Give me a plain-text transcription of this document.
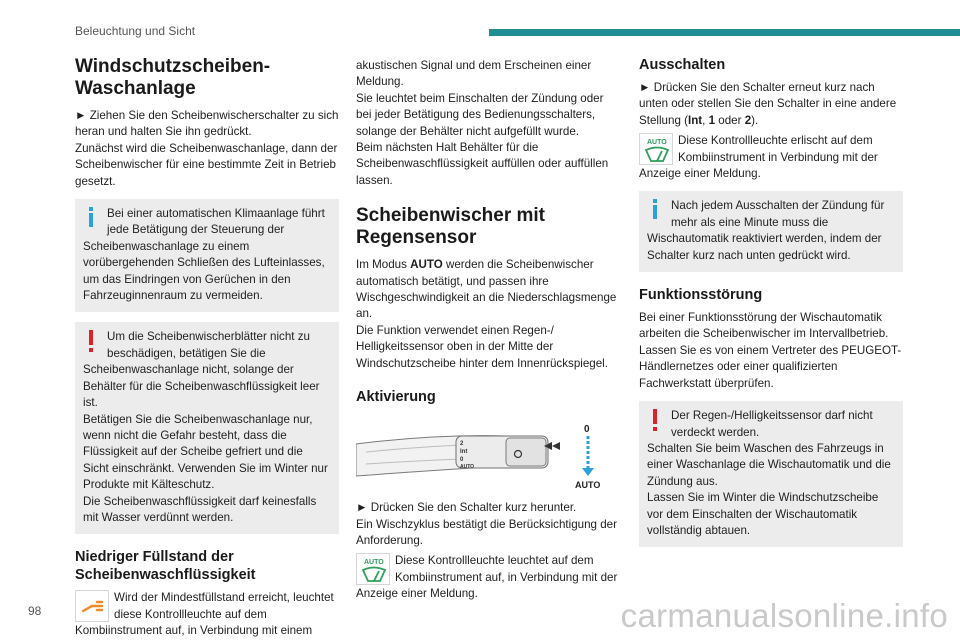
Beleuchtung und Sicht
Windschutzscheiben-
Waschanlage

► Ziehen Sie den Scheibenwischerschalter zu sich heran und halten Sie ihn gedrückt.
Zunächst wird die Scheibenwaschanlage, dann der Scheibenwischer für eine bestimmte Zeit in Betrieb gesetzt.

Bei einer automatischen Klimaanlage führt jede Betätigung der Steuerung der

Scheibenwaschanlage zu einem vorübergehenden Schließen des Lufteinlasses, um das Eindringen von Gerüchen in den Fahrzeuginnenraum zu vermeiden.

Um die Scheibenwischerblätter nicht zu beschädigen, betätigen Sie die

Scheibenwaschanlage nicht, solange der Behälter für die Scheibenwaschflüssigkeit leer ist.
Betätigen Sie die Scheibenwaschanlage nur, wenn nicht die Gefahr besteht, dass die Flüssigkeit auf der Scheibe gefriert und die Sicht einschränkt. Verwenden Sie im Winter nur Produkte mit Kälteschutz.
Die Scheibenwaschflüssigkeit darf keinesfalls mit Wasser verdünnt werden.

Niedriger Füllstand der Scheibenwaschflüssigkeit
Wird der Mindestfüllstand erreicht, leuchtet diese Kontrollleuchte auf dem

Kombiinstrument auf, in Verbindung mit einem

akustischen Signal und dem Erscheinen einer Meldung.
Sie leuchtet beim Einschalten der Zündung oder bei jeder Betätigung des Bedienungsschalters, solange der Behälter nicht aufgefüllt wurde.
Beim nächsten Halt Behälter für die Scheibenwaschflüssigkeit auffüllen oder auffüllen lassen.

Scheibenwischer mit Regensensor

Im Modus AUTO werden die Scheibenwischer automatisch betätigt, und passen ihre Wischgeschwindigkeit an die Niederschlagsmenge an.
Die Funktion verwendet einen Regen-/ Helligkeitssensor oben in der Mitte der Windschutzscheibe hinter dem Innenrückspiegel.

Aktivierung
2
Int
0
AUTO
0
AUTO

► Drücken Sie den Schalter kurz herunter.
Ein Wischzyklus bestätigt die Berücksichtigung der Anforderung.

AUTO Diese Kontrollleuchte leuchtet auf dem Kombiinstrument auf, in Verbindung mit der

Anzeige einer Meldung.

Ausschalten

► Drücken Sie den Schalter erneut kurz nach unten oder stellen Sie den Schalter in eine andere Stellung (Int, 1 oder 2).

AUTO Diese Kontrollleuchte erlischt auf dem Kombiinstrument in Verbindung mit der

Anzeige einer Meldung.

Nach jedem Ausschalten der Zündung für mehr als eine Minute muss die

Wischautomatik reaktiviert werden, indem der Schalter kurz nach unten gedrückt wird.

Funktionsstörung

Bei einer Funktionsstörung der Wischautomatik arbeiten die Scheibenwischer im Intervallbetrieb.
Lassen Sie es von einem Vertreter des PEUGEOT-Händlernetzes oder einer qualifizierten Fachwerkstatt überprüfen.

Der Regen-/Helligkeitssensor darf nicht verdeckt werden.

Schalten Sie beim Waschen des Fahrzeugs in einer Waschanlage die Wischautomatik und die Zündung aus.
Lassen Sie im Winter die Windschutzscheibe vor dem Einschalten der Wischautomatik vollständig abtauen.

98	carmanualsonline.info
